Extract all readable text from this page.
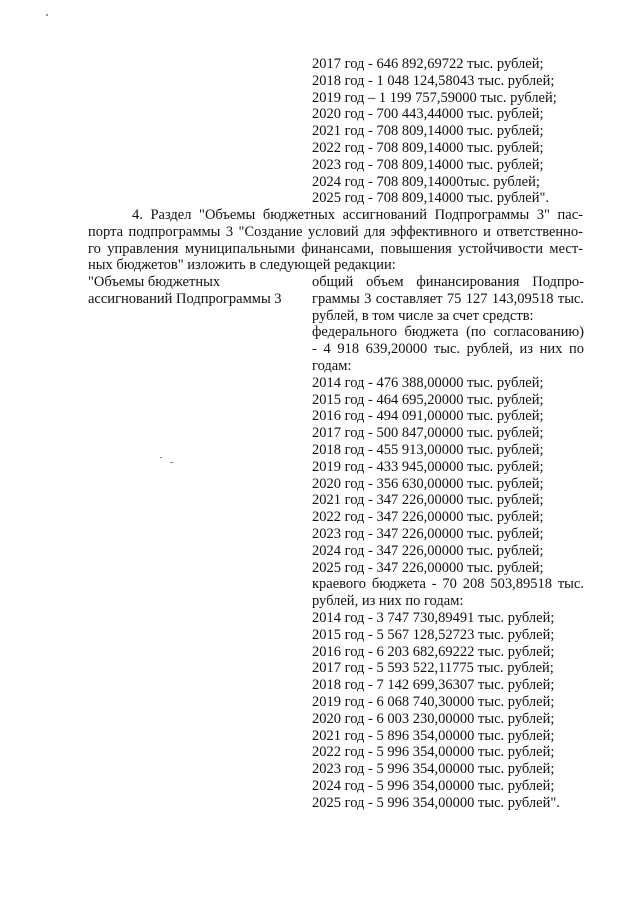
2017 год - 646 892,69722 тыс. рублей;
2018 год - 1 048 124,58043 тыс. рублей;
2019 год – 1 199 757,59000 тыс. рублей;
2020 год - 700 443,44000 тыс. рублей;
2021 год - 708 809,14000 тыс. рублей;
2022 год - 708 809,14000 тыс. рублей;
2023 год - 708 809,14000 тыс. рублей;
2024 год - 708 809,14000тыс. рублей;
2025 год - 708 809,14000 тыс. рублей".
4. Раздел "Объемы бюджетных ассигнований Подпрограммы 3" пас-
порта подпрограммы 3 "Создание условий для эффективного и ответственно-
го управления муниципальными финансами, повышения устойчивости мест-
ных бюджетов" изложить в следующей редакции:
"Объемы бюджетных
ассигнований Подпрограммы 3
общий объем финансирования Подпро-
граммы 3 составляет 75 127 143,09518 тыс.
рублей, в том числе за счет средств:
федерального бюджета (по согласованию)
- 4 918 639,20000 тыс. рублей, из них по
годам:
2014 год - 476 388,00000 тыс. рублей;
2015 год - 464 695,20000 тыс. рублей;
2016 год - 494 091,00000 тыс. рублей;
2017 год - 500 847,00000 тыс. рублей;
2018 год - 455 913,00000 тыс. рублей;
2019 год - 433 945,00000 тыс. рублей;
2020 год - 356 630,00000 тыс. рублей;
2021 год - 347 226,00000 тыс. рублей;
2022 год - 347 226,00000 тыс. рублей;
2023 год - 347 226,00000 тыс. рублей;
2024 год - 347 226,00000 тыс. рублей;
2025 год - 347 226,00000 тыс. рублей;
краевого бюджета - 70 208 503,89518 тыс.
рублей, из них по годам:
2014 год - 3 747 730,89491 тыс. рублей;
2015 год - 5 567 128,52723 тыс. рублей;
2016 год - 6 203 682,69222 тыс. рублей;
2017 год - 5 593 522,11775 тыс. рублей;
2018 год - 7 142 699,36307 тыс. рублей;
2019 год - 6 068 740,30000 тыс. рублей;
2020 год - 6 003 230,00000 тыс. рублей;
2021 год - 5 896 354,00000 тыс. рублей;
2022 год - 5 996 354,00000 тыс. рублей;
2023 год - 5 996 354,00000 тыс. рублей;
2024 год - 5 996 354,00000 тыс. рублей;
2025 год - 5 996 354,00000 тыс. рублей".
